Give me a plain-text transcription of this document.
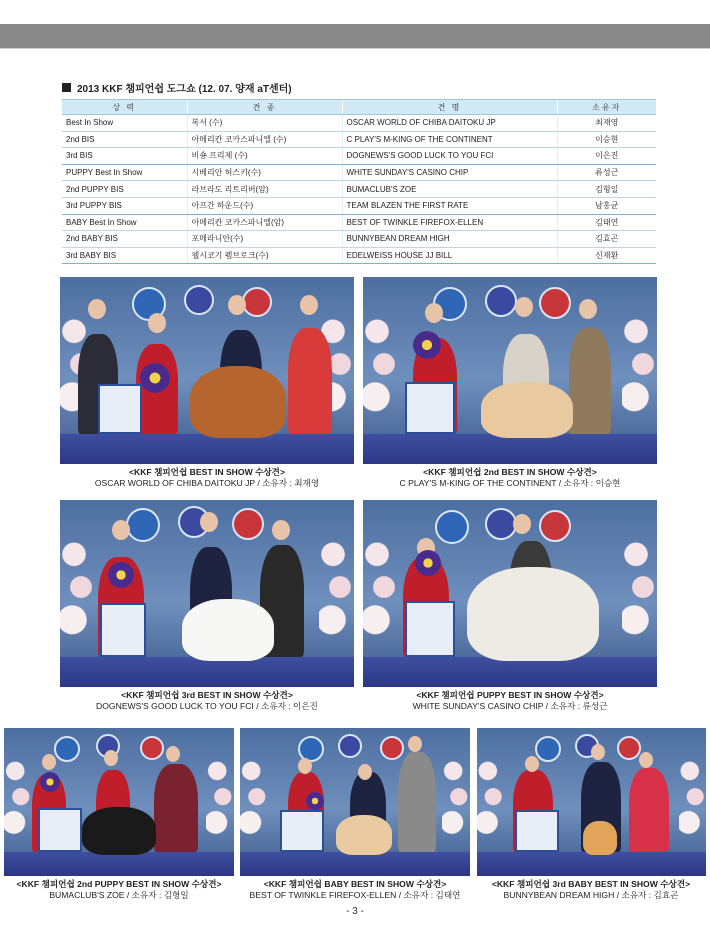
2013 KKF 챔피언쉽 도그쇼 (12. 07. 양재 aT센터)
상 력	견 종	견 명	소유자
Best In Show	복서 (수)	OSCAR WORLD OF CHIBA DAITOKU JP	최재영
2nd BIS	아메리칸 코카스파니엘 (수)	C PLAY'S M-KING OF THE CONTINENT	이승현
3rd BIS	비숑 프리제 (수)	DOGNEWS'S GOOD LUCK TO YOU FCI	이은진
PUPPY Best In Show	시베리안 허스키(수)	WHITE SUNDAY'S CASINO CHIP	류성근
2nd PUPPY BIS	라브라도 리트리버(암)	BUMACLUB'S ZOE	김형일
3rd PUPPY BIS	아프간 하운드(수)	TEAM BLAZEN THE FIRST RATE	남홍균
BABY Best In Show	아메리칸 코카스파니엘(암)	BEST OF TWINKLE FIREFOX-ELLEN	김태연
2nd BABY BIS	포메라니안(수)	BUNNYBEAN DREAM HIGH	김효곤
3rd BABY BIS	웰시코기 펨브로크(수)	EDELWEISS HOUSE JJ BILL	신재환
<KKF 챔피언쉽 BEST IN SHOW 수상견>
OSCAR WORLD OF CHIBA DAITOKU JP / 소유자 : 최재영
<KKF 챔피언쉽 2nd BEST IN SHOW 수상견>
C PLAY'S M-KING OF THE CONTINENT / 소유자 : 이승현
<KKF 챔피언쉽 3rd BEST IN SHOW 수상견>
DOGNEWS'S GOOD LUCK TO YOU FCI / 소유자 : 이은진
<KKF 챔피언쉽 PUPPY BEST IN SHOW 수상견>
WHITE SUNDAY'S CASINO CHIP / 소유자 : 류성근
<KKF 챔피언쉽 2nd PUPPY BEST IN SHOW 수상견>
BUMACLUB'S ZOE / 소유자 : 김형일
<KKF 챔피언쉽 BABY BEST IN SHOW 수상견>
BEST OF TWINKLE FIREFOX-ELLEN / 소유자 : 김태연
<KKF 챔피언쉽 3rd BABY BEST IN SHOW 수상견>
BUNNYBEAN DREAM HIGH / 소유자 : 김효곤
- 3 -
